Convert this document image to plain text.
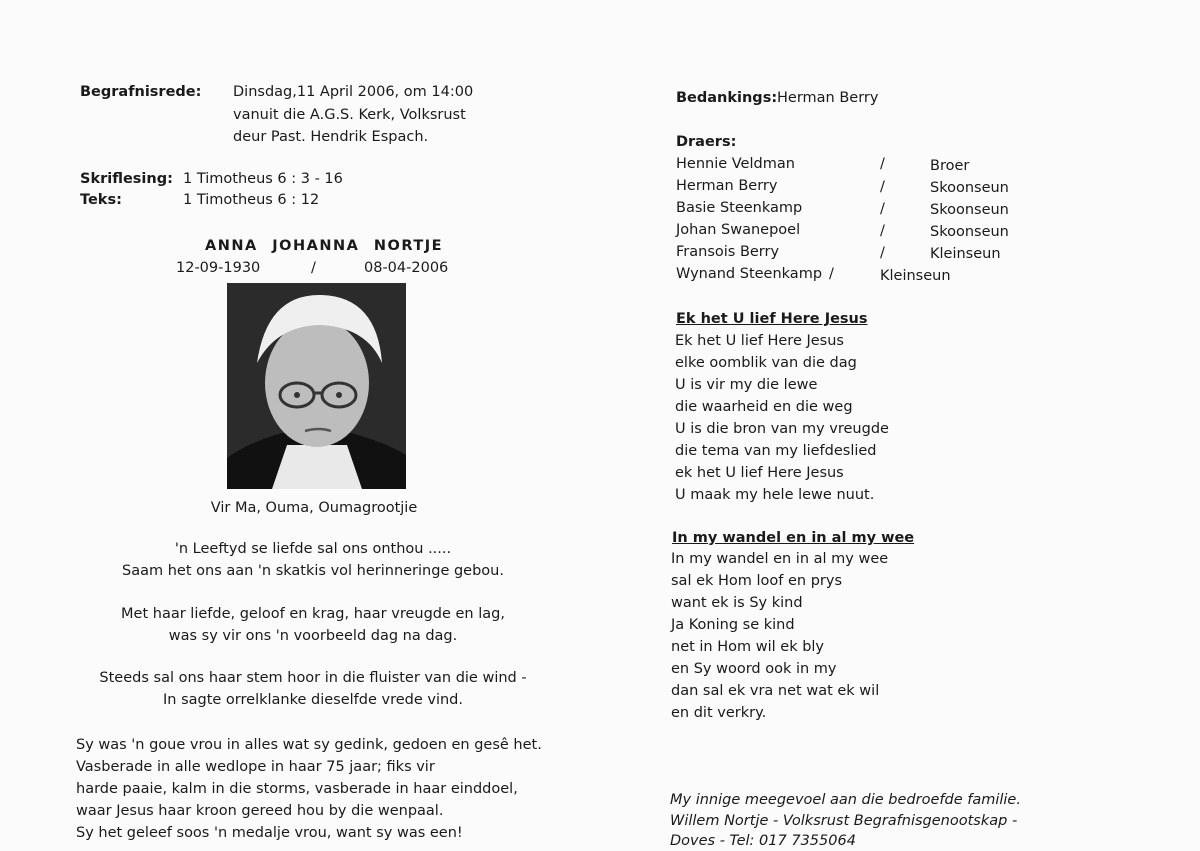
Begrafnisrede: Dinsdag,11 April 2006, om 14:00
vanuit die A.G.S. Kerk, Volksrust
deur Past. Hendrik Espach.
Skriflesing: 1 Timotheus 6 : 3 - 16
Teks:	1 Timotheus 6 : 12
ANNA JOHANNA NORTJE
12-09-1930	/	08-04-2006
Vir Ma, Ouma, Oumagrootjie
'n Leeftyd se liefde sal ons onthou .....
Saam het ons aan 'n skatkis vol herinneringe gebou.
Met haar liefde, geloof en krag, haar vreugde en lag,
was sy vir ons 'n voorbeeld dag na dag.
Steeds sal ons haar stem hoor in die fluister van die wind -
In sagte orrelklanke dieselfde vrede vind.
Sy was 'n goue vrou in alles wat sy gedink, gedoen en gesê het.
Vasberade in alle wedlope in haar 75 jaar; fiks vir
harde paaie, kalm in die storms, vasberade in haar einddoel,
waar Jesus haar kroon gereed hou by die wenpaal.
Sy het geleef soos 'n medalje vrou, want sy was een!
Bedankings: Herman Berry
Draers:
Hennie Veldman	/	Broer
Herman Berry	/	Skoonseun
Basie Steenkamp	/	Skoonseun
Johan Swanepoel	/	Skoonseun
Fransois Berry	/	Kleinseun
Wynand Steenkamp /	Kleinseun
Ek het U lief Here Jesus
Ek het U lief Here Jesus
elke oomblik van die dag
U is vir my die lewe
die waarheid en die weg
U is die bron van my vreugde
die tema van my liefdeslied
ek het U lief Here Jesus
U maak my hele lewe nuut.
In my wandel en in al my wee
In my wandel en in al my wee
sal ek Hom loof en prys
want ek is Sy kind
Ja Koning se kind
net in Hom wil ek bly
en Sy woord ook in my
dan sal ek vra net wat ek wil
en dit verkry.
My innige meegevoel aan die bedroefde familie.
Willem Nortje - Volksrust Begrafnisgenootskap -
Doves - Tel: 017 7355064
